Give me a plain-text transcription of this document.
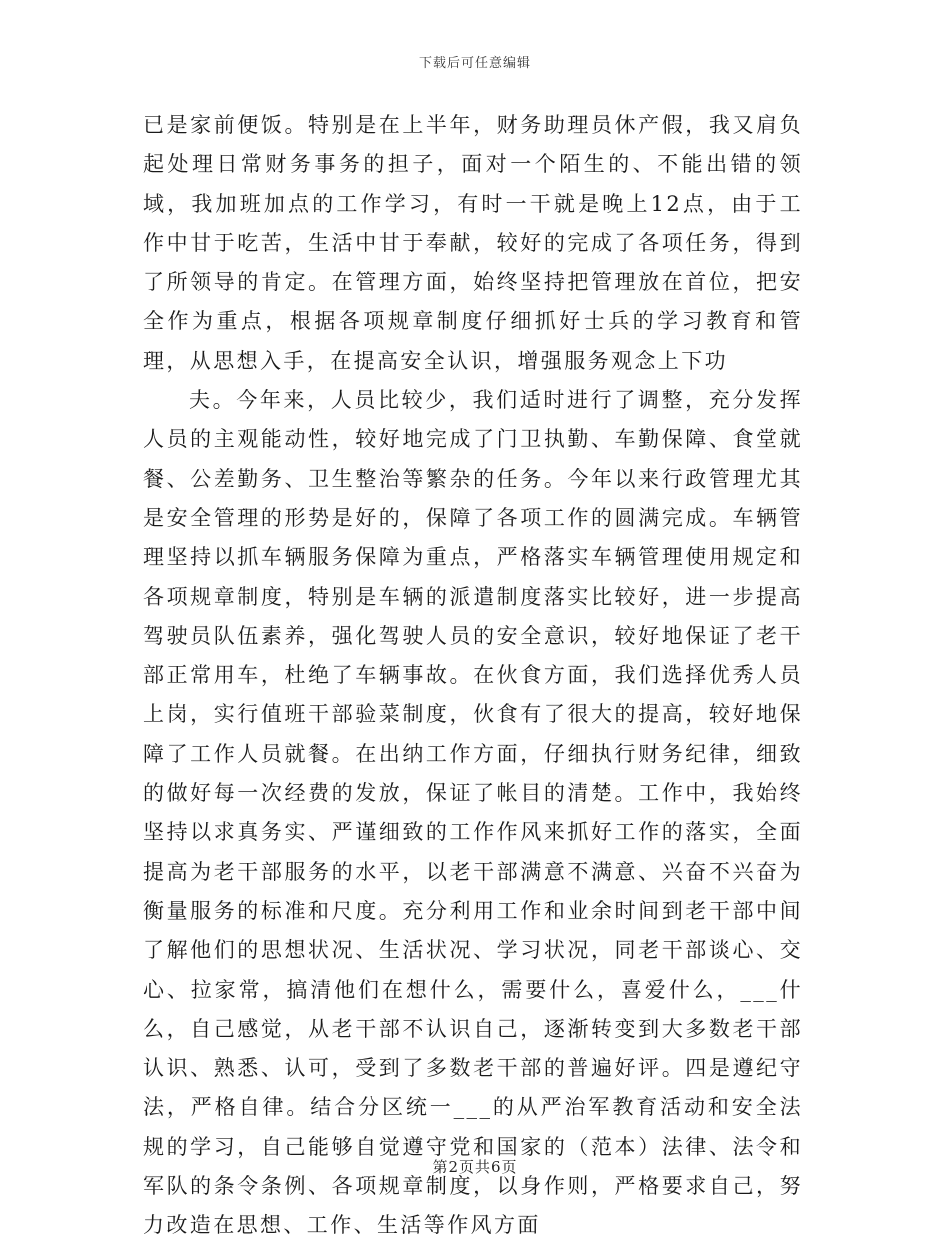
下载后可任意编辑

已是家前便饭。特别是在上半年，财务助理员休产假，我又肩负起处理日常财务事务的担子，面对一个陌生的、不能出错的领域，我加班加点的工作学习，有时一干就是晚上12点，由于工作中甘于吃苦，生活中甘于奉献，较好的完成了各项任务，得到了所领导的肯定。在管理方面，始终坚持把管理放在首位，把安全作为重点，根据各项规章制度仔细抓好士兵的学习教育和管理，从思想入手，在提高安全认识，增强服务观念上下功

夫。今年来，人员比较少，我们适时进行了调整，充分发挥人员的主观能动性，较好地完成了门卫执勤、车勤保障、食堂就餐、公差勤务、卫生整治等繁杂的任务。今年以来行政管理尤其是安全管理的形势是好的，保障了各项工作的圆满完成。车辆管理坚持以抓车辆服务保障为重点，严格落实车辆管理使用规定和各项规章制度，特别是车辆的派遣制度落实比较好，进一步提高驾驶员队伍素养，强化驾驶人员的安全意识，较好地保证了老干部正常用车，杜绝了车辆事故。在伙食方面，我们选择优秀人员上岗，实行值班干部验菜制度，伙食有了很大的提高，较好地保障了工作人员就餐。在出纳工作方面，仔细执行财务纪律，细致的做好每一次经费的发放，保证了帐目的清楚。工作中，我始终坚持以求真务实、严谨细致的工作作风来抓好工作的落实，全面提高为老干部服务的水平，以老干部满意不满意、兴奋不兴奋为衡量服务的标准和尺度。充分利用工作和业余时间到老干部中间了解他们的思想状况、生活状况、学习状况，同老干部谈心、交心、拉家常，搞清他们在想什么，需要什么，喜爱什么，___什么，自己感觉，从老干部不认识自己，逐渐转变到大多数老干部认识、熟悉、认可，受到了多数老干部的普遍好评。四是遵纪守法，严格自律。结合分区统一___的从严治军教育活动和安全法规的学习，自己能够自觉遵守党和国家的（范本）法律、法令和军队的条令条例、各项规章制度，以身作则，严格要求自己，努力改造在思想、工作、生活等作风方面

第2页共6页
